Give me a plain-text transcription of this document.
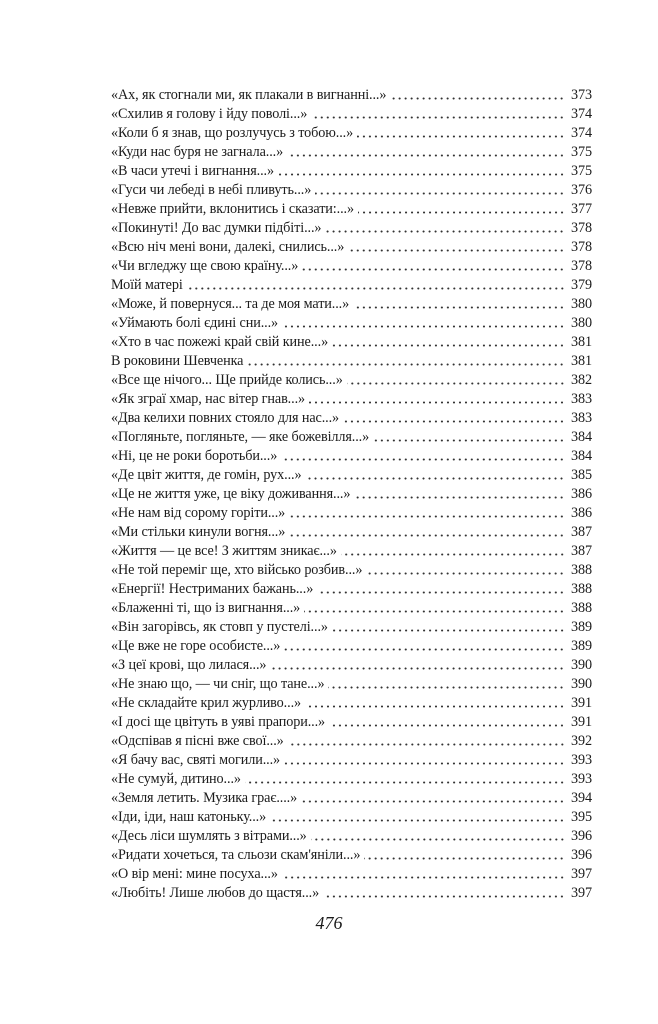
«Ах, як стогнали ми, як плакали в вигнанні...»	373
«Схилив я голову і йду поволі...»	374
«Коли б я знав, що розлучусь з тобою...»	374
«Куди нас буря не загнала...»	375
«В часи утечі і вигнання...»	375
«Гуси чи лебеді в небі пливуть...»	376
«Невже прийти, вклонитись і сказати:...»	377
«Покинуті! До вас думки підбіті...»	378
«Всю ніч мені вони, далекі, снились...»	378
«Чи вгледжу ще свою країну...»	378
Моїй матері	379
«Може, й повернуся... та де моя мати...»	380
«Уймають болі єдині сни...»	380
«Хто в час пожежі край свій кине...»	381
В роковини Шевченка	381
«Все ще нічого... Ще прийде колись...»	382
«Як зграї хмар, нас вітер гнав...»	383
«Два келихи повних стояло для нас...»	383
«Погляньте, погляньте, — яке божевілля...»	384
«Ні, це не роки боротьби...»	384
«Де цвіт життя, де гомін, рух...»	385
«Це не життя уже, це віку доживання...»	386
«Не нам від сорому горіти...»	386
«Ми стільки кинули вогня...»	387
«Життя — це все! З життям зникає...»	387
«Не той переміг ще, хто військо розбив...»	388
«Енергії! Нестриманих бажань...»	388
«Блаженні ті, що із вигнання...»	388
«Він загорівсь, як стовп у пустелі...»	389
«Це вже не горе особисте...»	389
«З цеї крові, що лилася...»	390
«Не знаю що, — чи сніг, що тане...»	390
«Не складайте крил журливо...»	391
«І досі ще цвітуть в уяві прапори...»	391
«Одспівав я пісні вже свої...»	392
«Я бачу вас, святі могили...»	393
«Не сумуй, дитино...»	393
«Земля летить. Музика грає....»	394
«Іди, іди, наш катоньку...»	395
«Десь ліси шумлять з вітрами...»	396
«Ридати хочеться, та сльози скам'яніли...»	396
«О вір мені: мине посуха...»	397
«Любіть! Лише любов до щастя...»	397
476
